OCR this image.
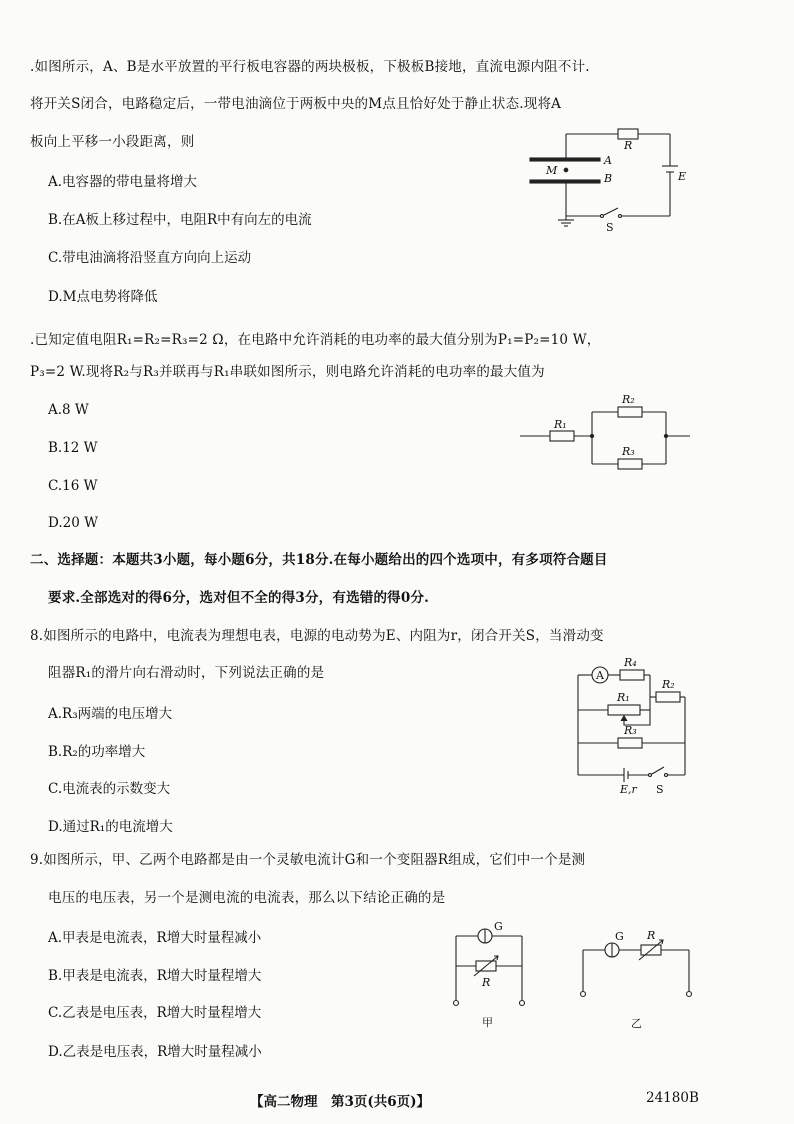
.如图所示，A、B是水平放置的平行板电容器的两块极板，下极板B接地，直流电源内阻不计.
将开关S闭合，电路稳定后，一带电油滴位于两板中央的M点且恰好处于静止状态.现将A
板向上平移一小段距离，则
A.电容器的带电量将增大
B.在A板上移过程中，电阻R中有向左的电流
C.带电油滴将沿竖直方向向上运动
D.M点电势将降低
R
A
M
B
S
E
.已知定值电阻R₁=R₂=R₃=2 Ω，在电路中允许消耗的电功率的最大值分别为P₁=P₂=10 W，
P₃=2 W.现将R₂与R₃并联再与R₁串联如图所示，则电路允许消耗的电功率的最大值为
A.8 W
B.12 W
C.16 W
D.20 W
R₁
R₂
R₃
二、选择题：本题共3小题，每小题6分，共18分.在每小题给出的四个选项中，有多项符合题目
要求.全部选对的得6分，选对但不全的得3分，有选错的得0分.
8.如图所示的电路中，电流表为理想电表，电源的电动势为E、内阻为r，闭合开关S，当滑动变
阻器R₁的滑片向右滑动时，下列说法正确的是
A.R₃两端的电压增大
B.R₂的功率增大
C.电流表的示数变大
D.通过R₁的电流增大
A
R₄
R₁
R₂
R₃
E,r S
9.如图所示，甲、乙两个电路都是由一个灵敏电流计G和一个变阻器R组成，它们中一个是测
电压的电压表，另一个是测电流的电流表，那么以下结论正确的是
A.甲表是电流表，R增大时量程减小
B.甲表是电流表，R增大时量程增大
C.乙表是电压表，R增大时量程增大
D.乙表是电压表，R增大时量程减小
G
R
甲
G R
乙
【高二物理　第3页(共6页)】	24180B
